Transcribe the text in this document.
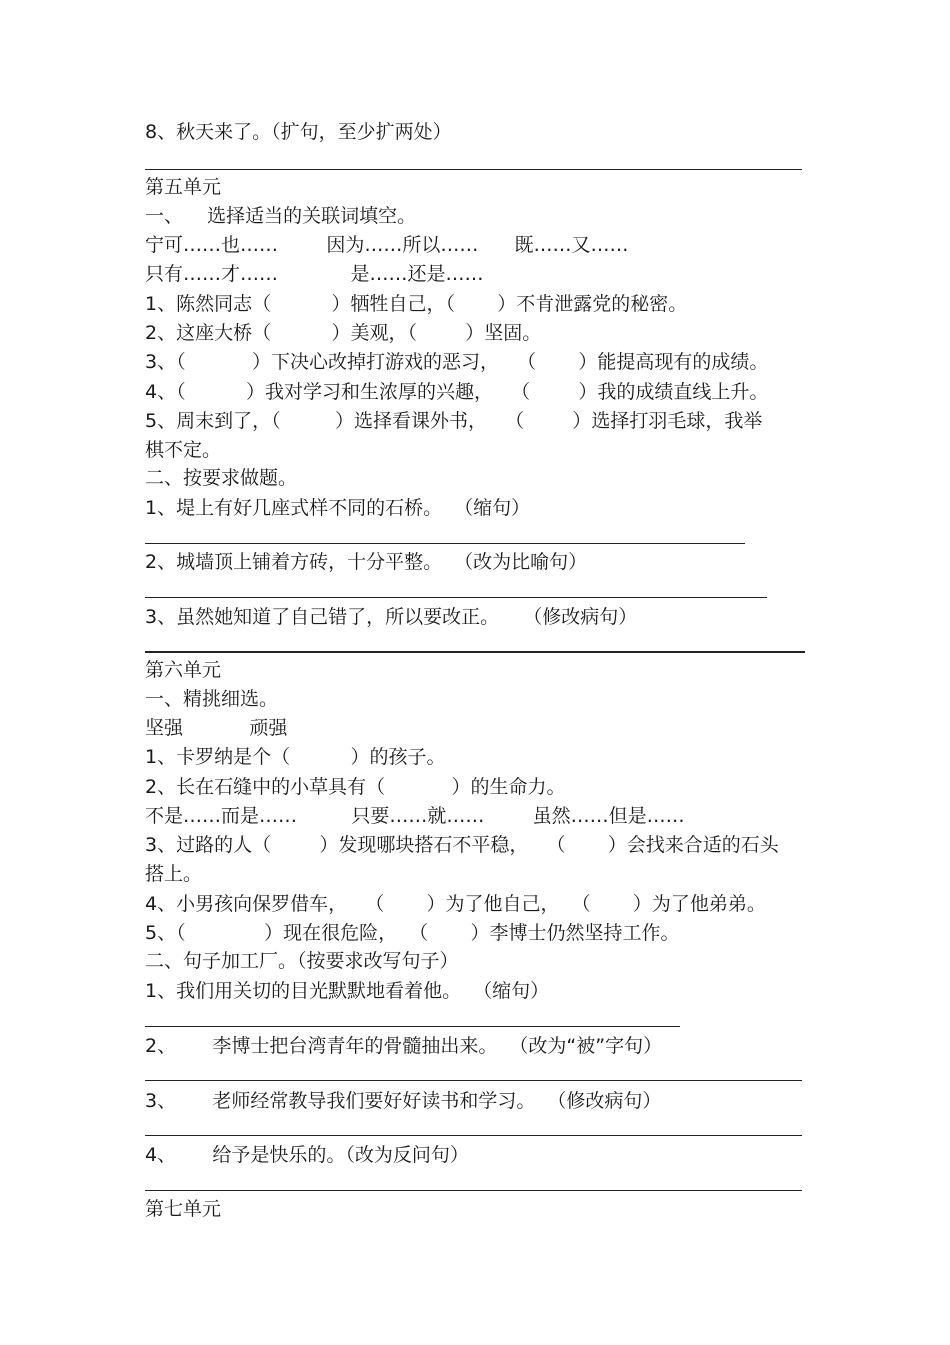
8、秋天来了。（扩句，至少扩两处）
第五单元
一、    选择适当的关联词填空。
宁可……也……        因为……所以……      既……又……
只有……才……            是……还是……
1、陈然同志（          ）牺牲自己，（       ）不肯泄露党的秘密。
2、这座大桥（          ）美观，（        ）坚固。
3、（           ）下决心改掉打游戏的恶习，   （       ）能提高现有的成绩。
4、（          ）我对学习和生浓厚的兴趣，   （        ）我的成绩直线上升。
5、周末到了，（         ）选择看课外书，   （        ）选择打羽毛球，我举
棋不定。
二、按要求做题。
1、堤上有好几座式样不同的石桥。  （缩句）
2、城墙顶上铺着方砖，十分平整。  （改为比喻句）
3、虽然她知道了自己错了，所以要改正。    （修改病句）
第六单元
一、精挑细选。
坚强           顽强
1、卡罗纳是个（          ）的孩子。
2、长在石缝中的小草具有（           ）的生命力。
不是……而是……         只要……就……        虽然……但是……
3、过路的人（        ）发现哪块搭石不平稳，   （       ）会找来合适的石头
搭上。
4、小男孩向保罗借车，   （       ）为了他自己，  （       ）为了他弟弟。
5、（             ）现在很危险，  （       ）李博士仍然坚持工作。
二、句子加工厂。（按要求改写句子）
1、我们用关切的目光默默地看着他。  （缩句）
2、      李博士把台湾青年的骨髓抽出来。  （改为“被”字句）
3、      老师经常教导我们要好好读书和学习。  （修改病句）
4、      给予是快乐的。（改为反问句）
第七单元
